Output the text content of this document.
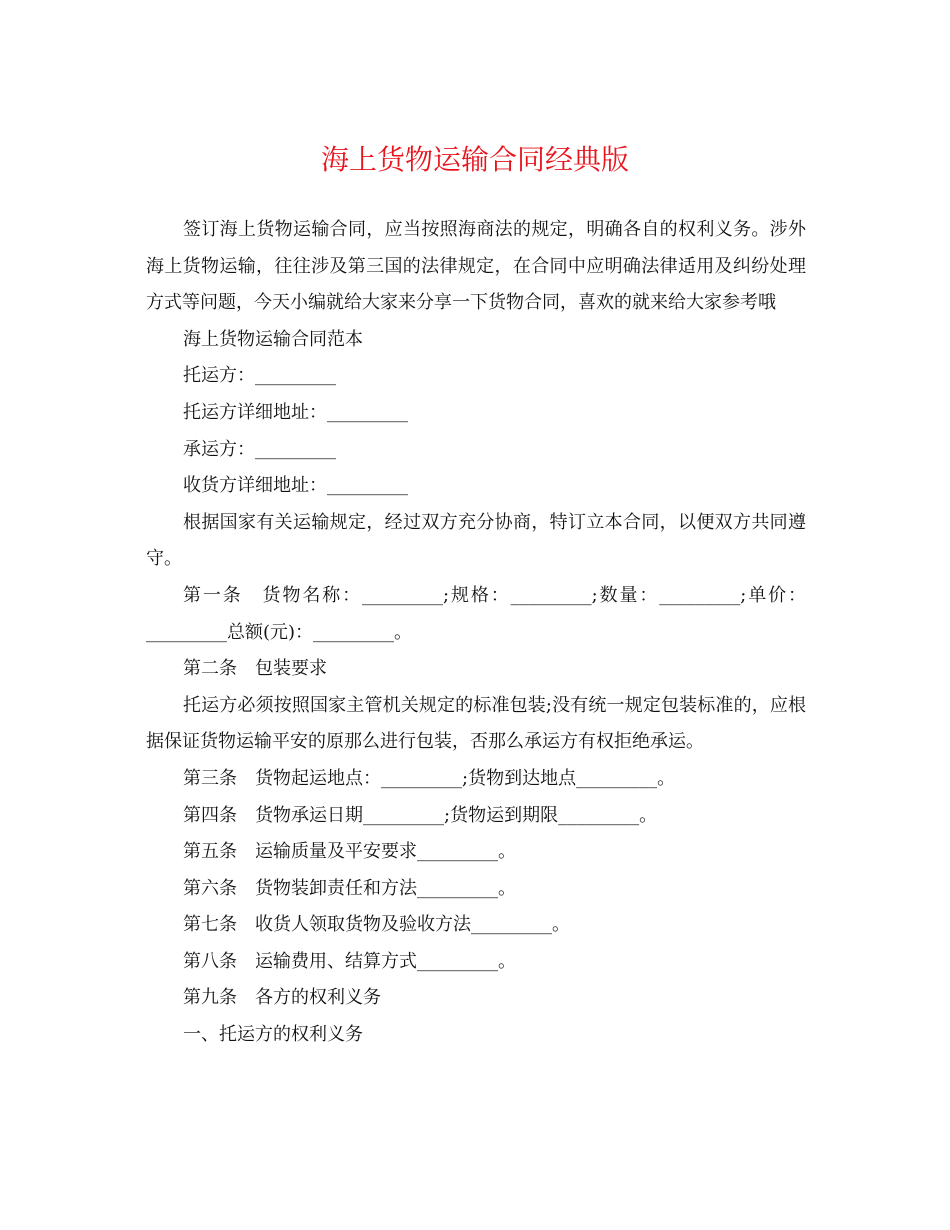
海上货物运输合同经典版

签订海上货物运输合同，应当按照海商法的规定，明确各自的权利义务。涉外海上货物运输，往往涉及第三国的法律规定，在合同中应明确法律适用及纠纷处理方式等问题，今天小编就给大家来分享一下货物合同，喜欢的就来给大家参考哦

海上货物运输合同范本

托运方：_________

托运方详细地址：_________

承运方：_________

收货方详细地址：_________

根据国家有关运输规定，经过双方充分协商，特订立本合同，以便双方共同遵守。

第一条　货物名称：_________;规格：_________;数量：_________;单价：_________总额(元)：_________。

第二条　包装要求

托运方必须按照国家主管机关规定的标准包装;没有统一规定包装标准的，应根据保证货物运输平安的原那么进行包装，否那么承运方有权拒绝承运。

第三条　货物起运地点：_________;货物到达地点_________。

第四条　货物承运日期_________;货物运到期限_________。

第五条　运输质量及平安要求_________。

第六条　货物装卸责任和方法_________。

第七条　收货人领取货物及验收方法_________。

第八条　运输费用、结算方式_________。

第九条　各方的权利义务

一、托运方的权利义务
